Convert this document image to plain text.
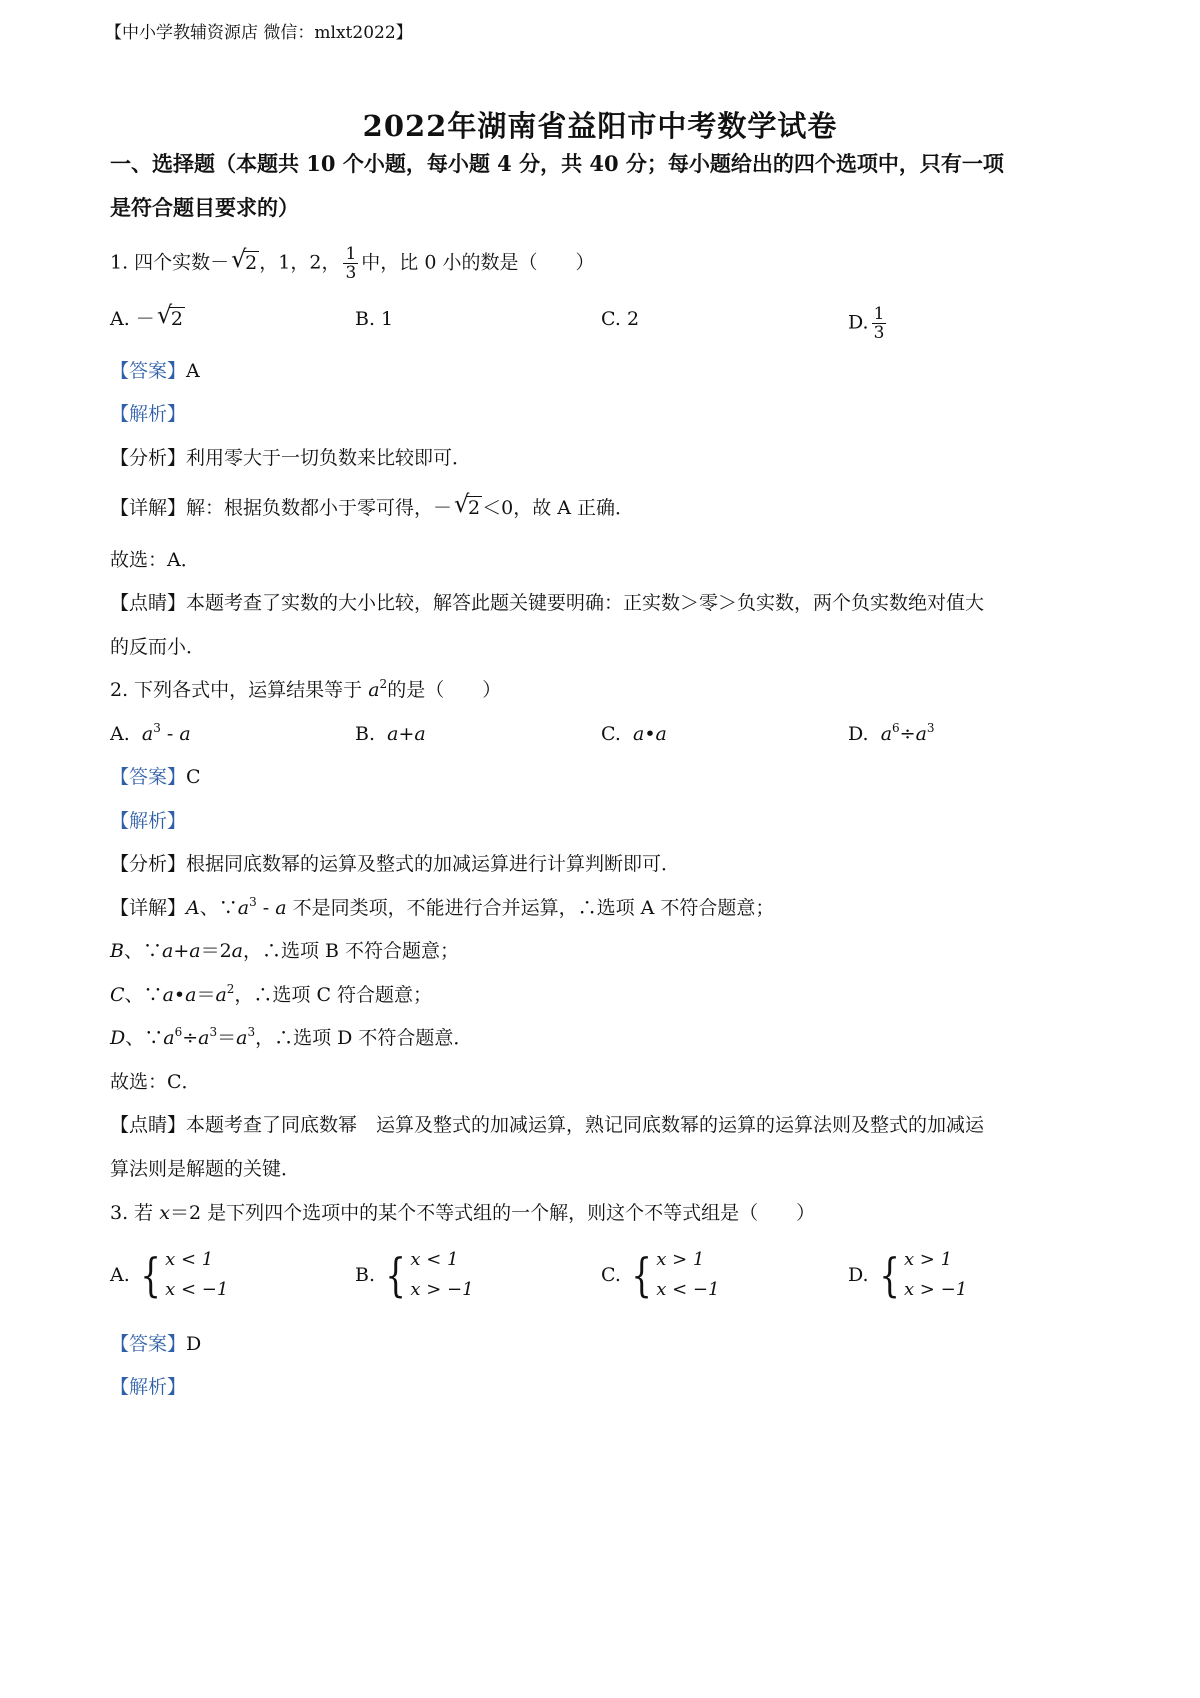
【中小学教辅资源店 微信：mlxt2022】
2022年湖南省益阳市中考数学试卷
一、选择题（本题共 10 个小题，每小题 4 分，共 40 分；每小题给出的四个选项中，只有一项
是符合题目要求的）
1. 四个实数－ √
2 ，1，2， $\frac{1}{3}$ 中，比 0 小的数是（　　）
A. － √
2	B. 1	C. 2	D. $\frac{1}{3}$
【答案】A
【解析】
【分析】利用零大于一切负数来比较即可．
【详解】解：根据负数都小于零可得，－ √
2 ＜0，故 A 正确．
故选：A．
【点睛】本题考查了实数的大小比较，解答此题关键要明确：正实数＞零＞负实数，两个负实数绝对值大
的反而小．
2. 下列各式中，运算结果等于 $a^2$的是（　　）
A. $a^3$ - a	B. a+a	C. a•a	D. $a^6\div a^3$
【答案】C
【解析】
【分析】根据同底数幂的运算及整式的加减运算进行计算判断即可．
【详解】A、$\because a^3$ - a 不是同类项，不能进行合并运算，∴选项 A 不符合题意；
B、∵a+a＝2a，∴选项 B 不符合题意；
C、$\because a•a=a^2$，∴选项 C 符合题意；
D、$\because a^6\div a^3=a^3$，∴选项 D 不符合题意．
故选：C．
【点睛】本题考查了同底数幂　运算及整式的加减运算，熟记同底数幂的运算的运算法则及整式的加减运
算法则是解题的关键．
3. 若 x＝2 是下列四个选项中的某个不等式组的一个解，则这个不等式组是（　　）
A.
{ x < 1
x < −1
B.
{ x < 1
x > −1
C.
{ x > 1
x < −1
D.
{ x > 1
x > −1
【答案】D
【解析】
